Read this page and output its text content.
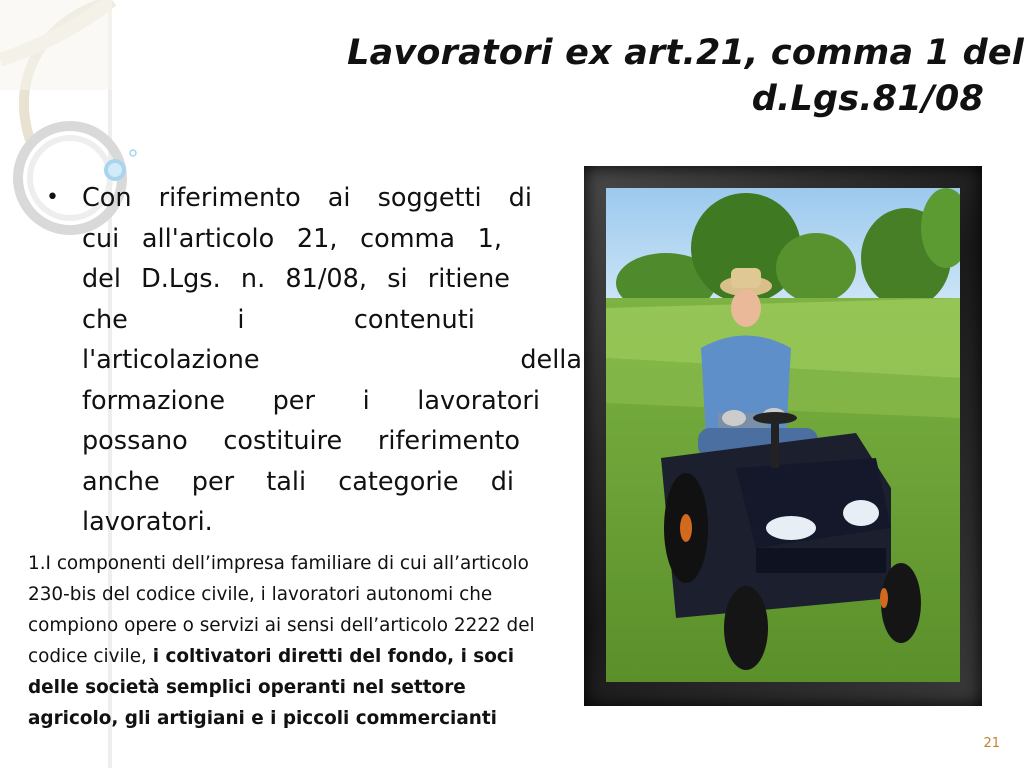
Lavoratori ex art.21, comma 1 del

d.Lgs.81/08
• Con riferimento ai soggetti di
cui all'articolo 21, comma 1,
del D.Lgs. n. 81/08, si ritiene
che	i	contenuti
l'articolazione	della
formazione per i lavoratori
possano costituire riferimento
anche per tali categorie di
lavoratori.
1.I componenti dell’impresa familiare di cui all’articolo 230-bis del codice civile, i lavoratori autonomi che compiono opere o servizi ai sensi dell’articolo 2222 del codice civile, i coltivatori diretti del fondo, i soci delle società semplici operanti nel settore agricolo, gli artigiani e i piccoli commercianti
21
